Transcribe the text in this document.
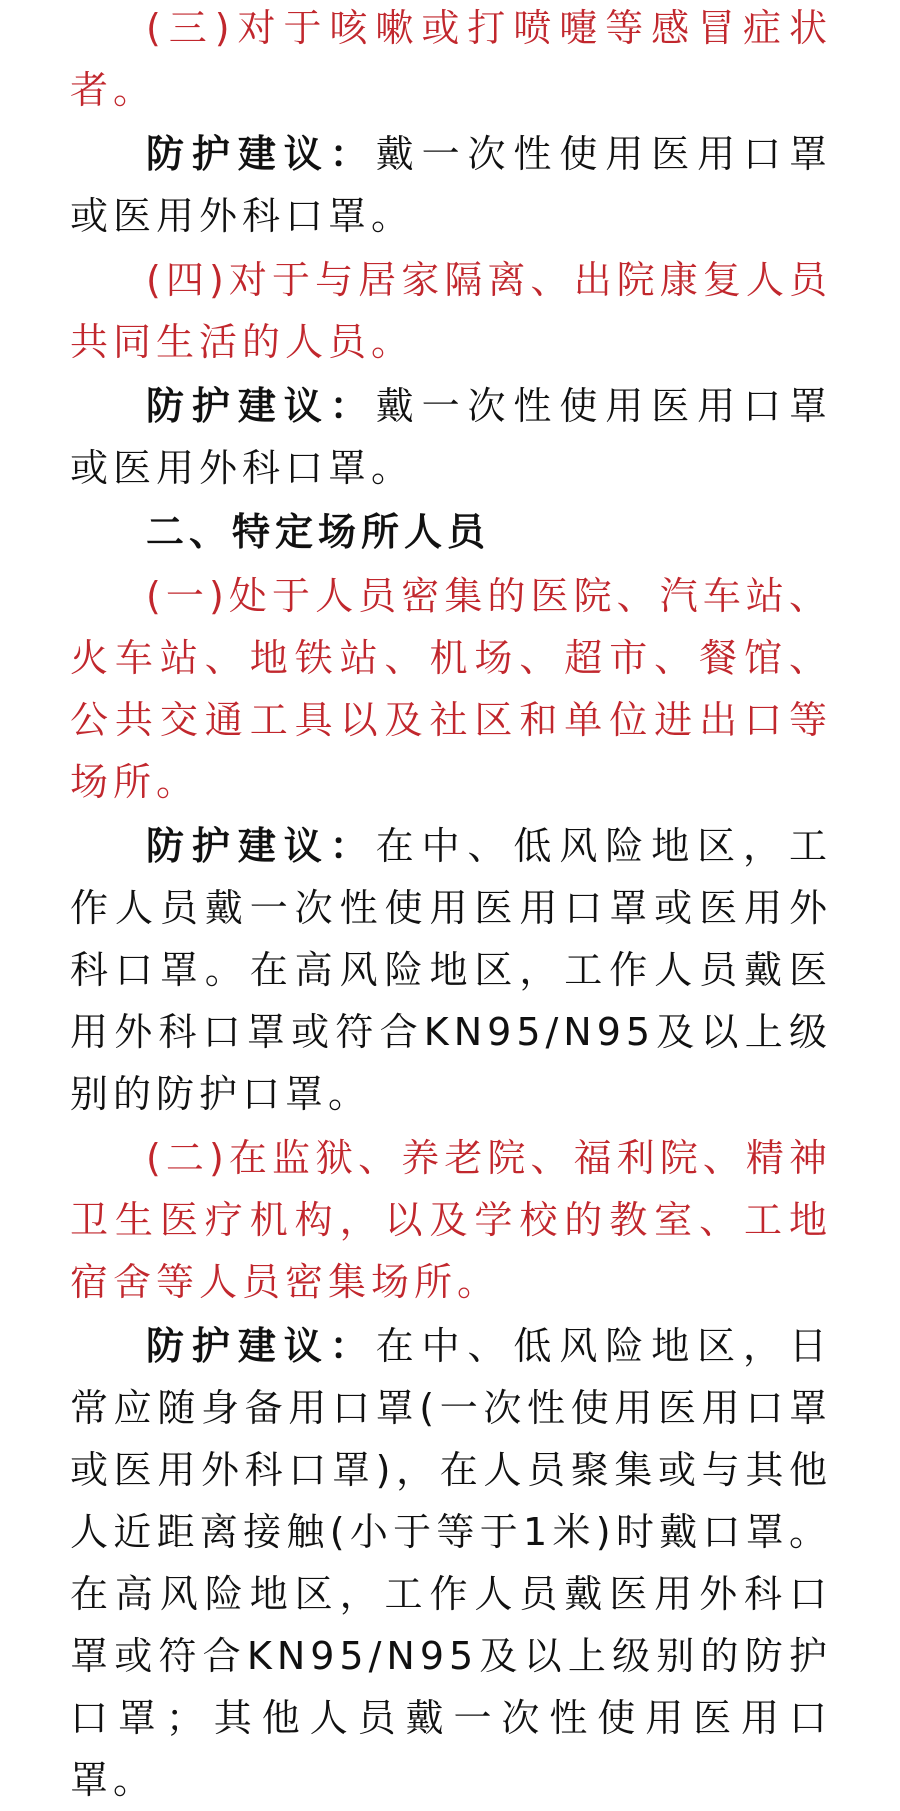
(三)对于咳嗽或打喷嚏等感冒症状者。

防护建议：戴一次性使用医用口罩或医用外科口罩。

(四)对于与居家隔离、出院康复人员共同生活的人员。

防护建议：戴一次性使用医用口罩或医用外科口罩。

二、特定场所人员

(一)处于人员密集的医院、汽车站、火车站、地铁站、机场、超市、餐馆、公共交通工具以及社区和单位进出口等场所。

防护建议：在中、低风险地区，工作人员戴一次性使用医用口罩或医用外科口罩。在高风险地区，工作人员戴医用外科口罩或符合KN95/N95及以上级别的防护口罩。

(二)在监狱、养老院、福利院、精神卫生医疗机构，以及学校的教室、工地宿舍等人员密集场所。

防护建议：在中、低风险地区，日常应随身备用口罩(一次性使用医用口罩或医用外科口罩)，在人员聚集或与其他人近距离接触(小于等于1米)时戴口罩。在高风险地区，工作人员戴医用外科口罩或符合KN95/N95及以上级别的防护口罩；其他人员戴一次性使用医用口罩。
